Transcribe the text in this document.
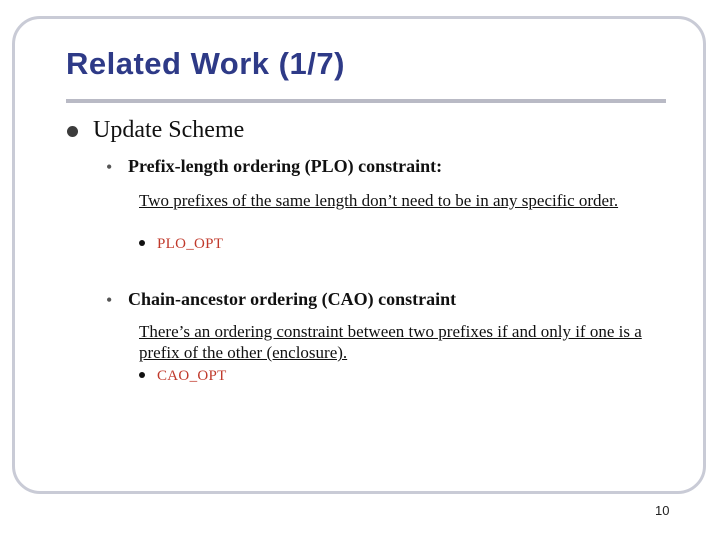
Related Work (1/7)
Update Scheme
• Prefix-length ordering (PLO) constraint:
Two prefixes of the same length don’t need to be in any specific order.
PLO_OPT
• Chain-ancestor ordering (CAO) constraint
There’s an ordering constraint between two prefixes if and only if one is a prefix of the other (enclosure).
CAO_OPT
10
